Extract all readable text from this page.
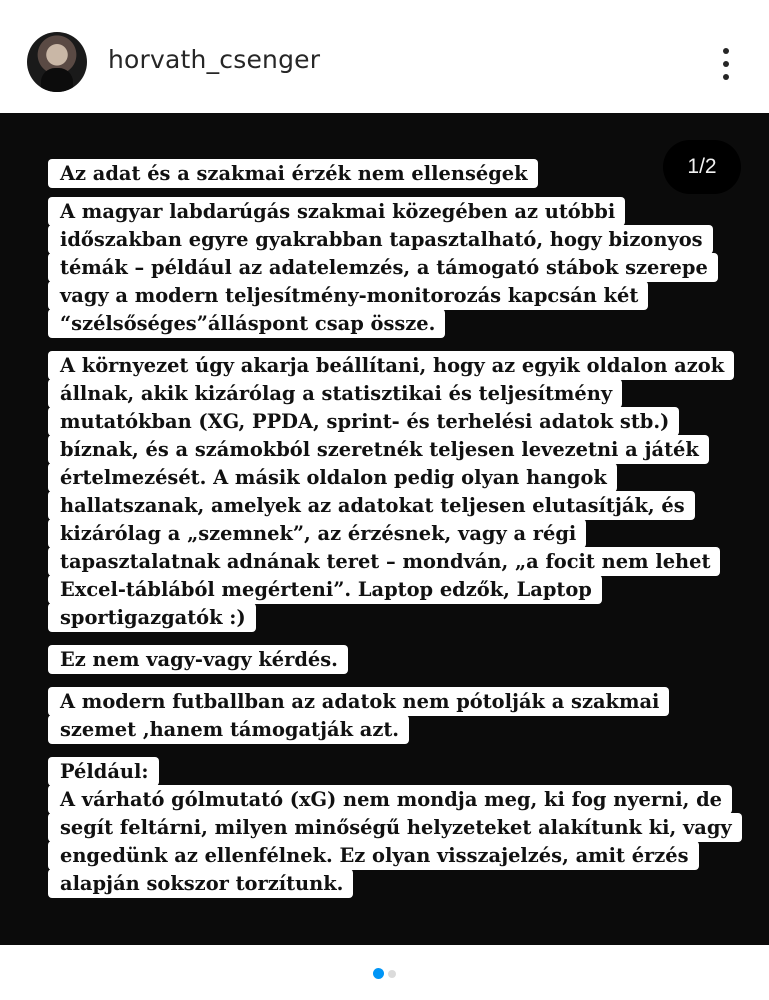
horvath_csenger
1/2
Az adat és a szakmai érzék nem ellenségek
A magyar labdarúgás szakmai közegében az utóbbi időszakban egyre gyakrabban tapasztalható, hogy bizonyos témák – például az adatelemzés, a támogató stábok szerepe vagy a modern teljesítmény-monitorozás kapcsán két “szélsőséges”álláspont csap össze.
A környezet úgy akarja beállítani, hogy az egyik oldalon azok állnak, akik kizárólag a statisztikai és teljesítmény mutatókban (XG, PPDA, sprint- és terhelési adatok stb.) bíznak, és a számokból szeretnék teljesen levezetni a játék értelmezését. A másik oldalon pedig olyan hangok hallatszanak, amelyek az adatokat teljesen elutasítják, és kizárólag a „szemnek”, az érzésnek, vagy a régi tapasztalatnak adnának teret – mondván, „a focit nem lehet Excel-táblából megérteni”. Laptop edzők, Laptop sportigazgatók :)
Ez nem vagy-vagy kérdés.
A modern futballban az adatok nem pótolják a szakmai szemet ,hanem támogatják azt.
Például:
A várható gólmutató (xG) nem mondja meg, ki fog nyerni, de segít feltárni, milyen minőségű helyzeteket alakítunk ki, vagy engedünk az ellenfélnek. Ez olyan visszajelzés, amit érzés alapján sokszor torzítunk.
